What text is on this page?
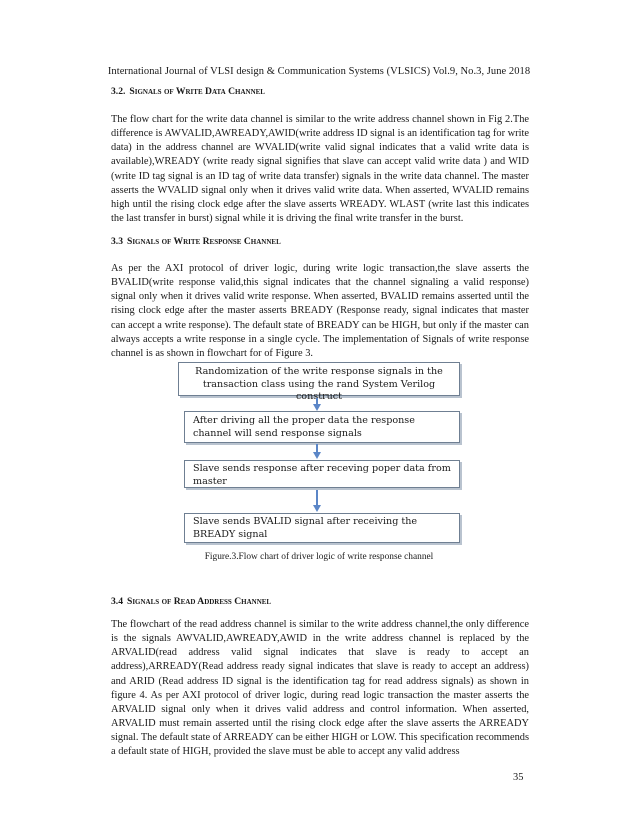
International Journal of VLSI design & Communication Systems (VLSICS) Vol.9, No.3, June 2018
3.2. Signals of Write Data Channel

The flow chart for the write data channel is similar to the write address channel shown in Fig 2.The difference is AWVALID,AWREADY,AWID(write address ID signal is an identification tag for write data) in the address channel are WVALID(write valid signal indicates that a valid write data is available),WREADY (write ready signal signifies that slave can accept valid write data ) and WID (write ID tag signal is an ID tag of write data transfer) signals in the write data channel. The master asserts the WVALID signal only when it drives valid write data. When asserted, WVALID remains high until the rising clock edge after the slave asserts WREADY. WLAST (write last this indicates the last transfer in burst) signal while it is driving the final write transfer in the burst.

3.3 Signals of Write Response Channel

As per the AXI protocol of driver logic, during write logic transaction,the slave asserts the BVALID(write response valid,this signal indicates that the channel signaling a valid response) signal only when it drives valid write response. When asserted, BVALID remains asserted until the rising clock edge after the master asserts BREADY (Response ready, signal indicates that master can accept a write response). The default state of BREADY can be HIGH, but only if the master can always accepts a write response in a single cycle. The implementation of Signals of write response channel is as shown in flowchart for of Figure 3.

Randomization of the write response signals in the transaction class using the rand System Verilog construct
After driving all the proper data the response channel will send response signals
Slave sends response after receving poper data from master
Slave sends BVALID signal after receiving the BREADY signal
Figure.3.Flow chart of driver logic of write response channel
3.4 Signals of Read Address Channel

The flowchart of the read address channel is similar to the write address channel,the only difference is the signals AWVALID,AWREADY,AWID in the write address channel is replaced by the ARVALID(read address valid signal indicates that slave is ready to accept an address),ARREADY(Read address ready signal indicates that slave is ready to accept an address) and ARID (Read address ID signal is the identification tag for read address signals) as shown in figure 4. As per AXI protocol of driver logic, during read logic transaction the master asserts the ARVALID signal only when it drives valid address and control information. When asserted, ARVALID must remain asserted until the rising clock edge after the slave asserts the ARREADY signal. The default state of ARREADY can be either HIGH or LOW. This specification recommends a default state of HIGH, provided the slave must be able to accept any valid address

35
